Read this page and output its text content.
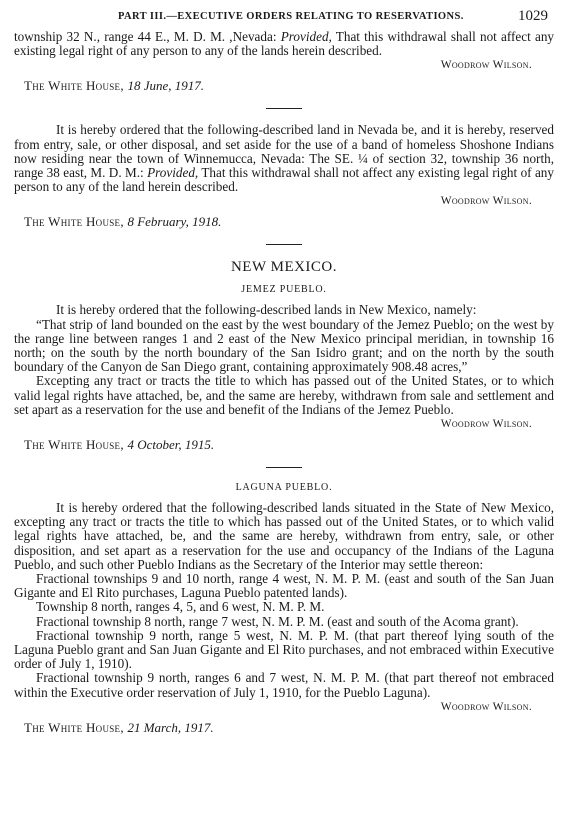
PART III.—EXECUTIVE ORDERS RELATING TO RESERVATIONS.	1029

township 32 N., range 44 E., M. D. M. ,Nevada: Provided, That this withdrawal shall not affect any existing legal right of any person to any of the lands herein described.

Woodrow Wilson.

The White House, 18 June, 1917.

It is hereby ordered that the following-described land in Nevada be, and it is hereby, reserved from entry, sale, or other disposal, and set aside for the use of a band of homeless Shoshone Indians now residing near the town of Winnemucca, Nevada: The SE. ¼ of section 32, township 36 north, range 38 east, M. D. M.: Provided, That this withdrawal shall not affect any existing legal right of any person to any of the land herein described.

Woodrow Wilson.

The White House, 8 February, 1918.

NEW MEXICO.
JEMEZ PUEBLO.

It is hereby ordered that the following-described lands in New Mexico, namely:

“That strip of land bounded on the east by the west boundary of the Jemez Pueblo; on the west by the range line between ranges 1 and 2 east of the New Mexico principal meridian, in township 16 north; on the south by the north boundary of the San Isidro grant; and on the north by the south boundary of the Canyon de San Diego grant, containing approximately 908.48 acres,”

Excepting any tract or tracts the title to which has passed out of the United States, or to which valid legal rights have attached, be, and the same are hereby, withdrawn from sale and settlement and set apart as a reservation for the use and benefit of the Indians of the Jemez Pueblo.

Woodrow Wilson.

The White House, 4 October, 1915.

LAGUNA PUEBLO.

It is hereby ordered that the following-described lands situated in the State of New Mexico, excepting any tract or tracts the title to which has passed out of the United States, or to which valid legal rights have attached, be, and the same are hereby, withdrawn from entry, sale, or other disposition, and set apart as a reservation for the use and occupancy of the Indians of the Laguna Pueblo, and such other Pueblo Indians as the Secretary of the Interior may settle thereon:

Fractional townships 9 and 10 north, range 4 west, N. M. P. M. (east and south of the San Juan Gigante and El Rito purchases, Laguna Pueblo patented lands).

Township 8 north, ranges 4, 5, and 6 west, N. M. P. M.

Fractional township 8 north, range 7 west, N. M. P. M. (east and south of the Acoma grant).

Fractional township 9 north, range 5 west, N. M. P. M. (that part thereof lying south of the Laguna Pueblo grant and San Juan Gigante and El Rito purchases, and not embraced within Executive order of July 1, 1910).

Fractional township 9 north, ranges 6 and 7 west, N. M. P. M. (that part thereof not embraced within the Executive order reservation of July 1, 1910, for the Pueblo Laguna).

Woodrow Wilson.

The White House, 21 March, 1917.
